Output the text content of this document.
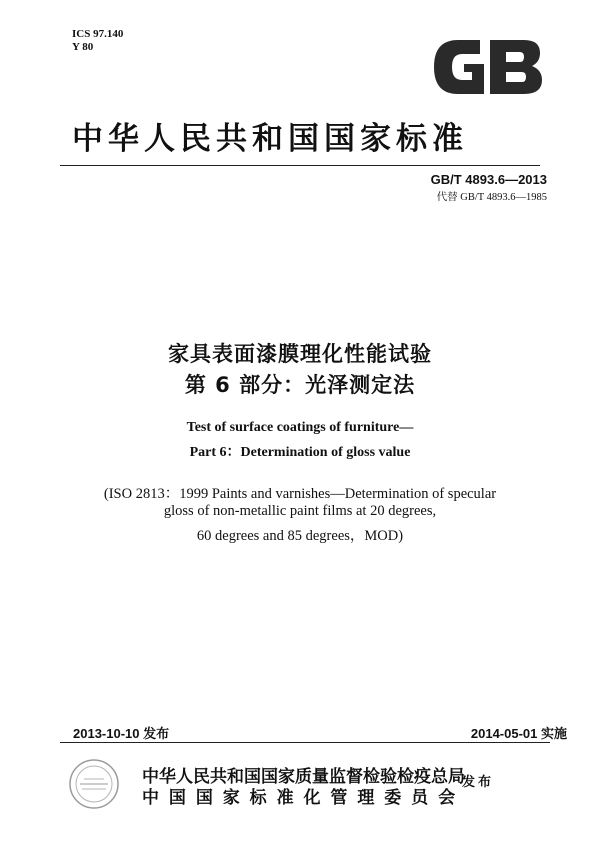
ICS 97.140
Y 80
中华人民共和国国家标准
GB/T 4893.6—2013
代替 GB/T 4893.6—1985
家具表面漆膜理化性能试验
第 6 部分：光泽测定法
Test of surface coatings of furniture—
Part 6：Determination of gloss value
(ISO 2813：1999 Paints and varnishes—Determination of specular
gloss of non-metallic paint films at 20 degrees,
60 degrees and 85 degrees，MOD)
2013-10-10 发布	2014-05-01 实施
中华人民共和国国家质量监督检验检疫总局
中 国 国 家 标 准 化 管 理 委 员 会
发布
